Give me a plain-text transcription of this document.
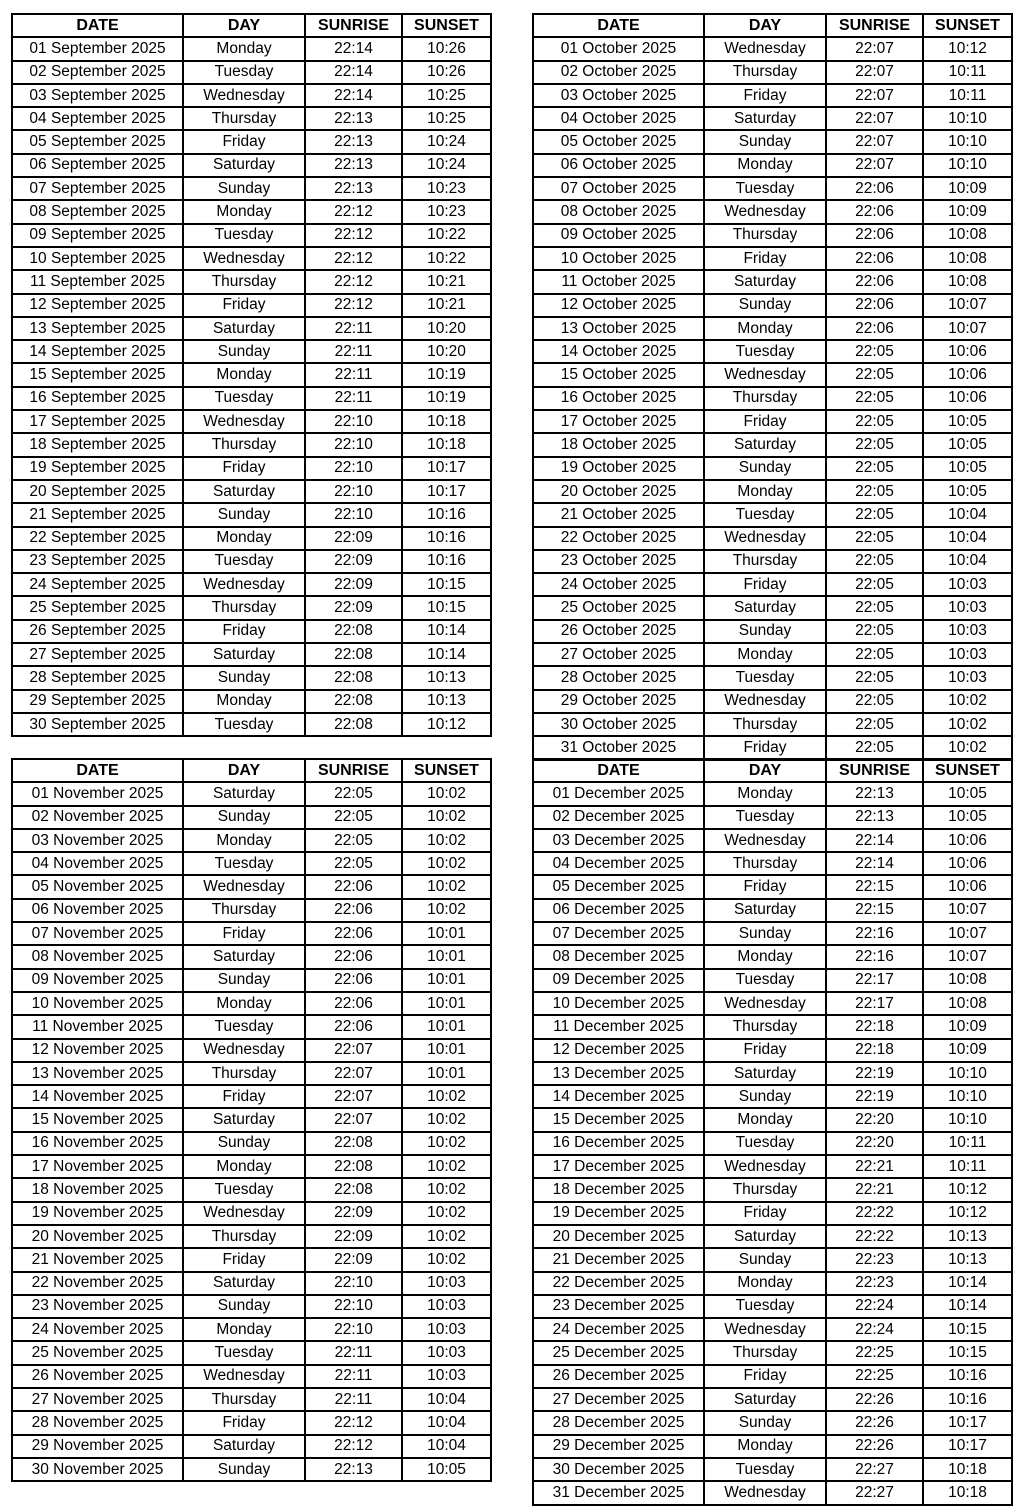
DATE	DAY	SUNRISE	SUNSET
01 September 2025	Monday	22:14	10:26
02 September 2025	Tuesday	22:14	10:26
03 September 2025	Wednesday	22:14	10:25
04 September 2025	Thursday	22:13	10:25
05 September 2025	Friday	22:13	10:24
06 September 2025	Saturday	22:13	10:24
07 September 2025	Sunday	22:13	10:23
08 September 2025	Monday	22:12	10:23
09 September 2025	Tuesday	22:12	10:22
10 September 2025	Wednesday	22:12	10:22
11 September 2025	Thursday	22:12	10:21
12 September 2025	Friday	22:12	10:21
13 September 2025	Saturday	22:11	10:20
14 September 2025	Sunday	22:11	10:20
15 September 2025	Monday	22:11	10:19
16 September 2025	Tuesday	22:11	10:19
17 September 2025	Wednesday	22:10	10:18
18 September 2025	Thursday	22:10	10:18
19 September 2025	Friday	22:10	10:17
20 September 2025	Saturday	22:10	10:17
21 September 2025	Sunday	22:10	10:16
22 September 2025	Monday	22:09	10:16
23 September 2025	Tuesday	22:09	10:16
24 September 2025	Wednesday	22:09	10:15
25 September 2025	Thursday	22:09	10:15
26 September 2025	Friday	22:08	10:14
27 September 2025	Saturday	22:08	10:14
28 September 2025	Sunday	22:08	10:13
29 September 2025	Monday	22:08	10:13
30 September 2025	Tuesday	22:08	10:12
DATE	DAY	SUNRISE	SUNSET
01 October 2025	Wednesday	22:07	10:12
02 October 2025	Thursday	22:07	10:11
03 October 2025	Friday	22:07	10:11
04 October 2025	Saturday	22:07	10:10
05 October 2025	Sunday	22:07	10:10
06 October 2025	Monday	22:07	10:10
07 October 2025	Tuesday	22:06	10:09
08 October 2025	Wednesday	22:06	10:09
09 October 2025	Thursday	22:06	10:08
10 October 2025	Friday	22:06	10:08
11 October 2025	Saturday	22:06	10:08
12 October 2025	Sunday	22:06	10:07
13 October 2025	Monday	22:06	10:07
14 October 2025	Tuesday	22:05	10:06
15 October 2025	Wednesday	22:05	10:06
16 October 2025	Thursday	22:05	10:06
17 October 2025	Friday	22:05	10:05
18 October 2025	Saturday	22:05	10:05
19 October 2025	Sunday	22:05	10:05
20 October 2025	Monday	22:05	10:05
21 October 2025	Tuesday	22:05	10:04
22 October 2025	Wednesday	22:05	10:04
23 October 2025	Thursday	22:05	10:04
24 October 2025	Friday	22:05	10:03
25 October 2025	Saturday	22:05	10:03
26 October 2025	Sunday	22:05	10:03
27 October 2025	Monday	22:05	10:03
28 October 2025	Tuesday	22:05	10:03
29 October 2025	Wednesday	22:05	10:02
30 October 2025	Thursday	22:05	10:02
31 October 2025	Friday	22:05	10:02
DATE	DAY	SUNRISE	SUNSET
01 November 2025	Saturday	22:05	10:02
02 November 2025	Sunday	22:05	10:02
03 November 2025	Monday	22:05	10:02
04 November 2025	Tuesday	22:05	10:02
05 November 2025	Wednesday	22:06	10:02
06 November 2025	Thursday	22:06	10:02
07 November 2025	Friday	22:06	10:01
08 November 2025	Saturday	22:06	10:01
09 November 2025	Sunday	22:06	10:01
10 November 2025	Monday	22:06	10:01
11 November 2025	Tuesday	22:06	10:01
12 November 2025	Wednesday	22:07	10:01
13 November 2025	Thursday	22:07	10:01
14 November 2025	Friday	22:07	10:02
15 November 2025	Saturday	22:07	10:02
16 November 2025	Sunday	22:08	10:02
17 November 2025	Monday	22:08	10:02
18 November 2025	Tuesday	22:08	10:02
19 November 2025	Wednesday	22:09	10:02
20 November 2025	Thursday	22:09	10:02
21 November 2025	Friday	22:09	10:02
22 November 2025	Saturday	22:10	10:03
23 November 2025	Sunday	22:10	10:03
24 November 2025	Monday	22:10	10:03
25 November 2025	Tuesday	22:11	10:03
26 November 2025	Wednesday	22:11	10:03
27 November 2025	Thursday	22:11	10:04
28 November 2025	Friday	22:12	10:04
29 November 2025	Saturday	22:12	10:04
30 November 2025	Sunday	22:13	10:05
DATE	DAY	SUNRISE	SUNSET
01 December 2025	Monday	22:13	10:05
02 December 2025	Tuesday	22:13	10:05
03 December 2025	Wednesday	22:14	10:06
04 December 2025	Thursday	22:14	10:06
05 December 2025	Friday	22:15	10:06
06 December 2025	Saturday	22:15	10:07
07 December 2025	Sunday	22:16	10:07
08 December 2025	Monday	22:16	10:07
09 December 2025	Tuesday	22:17	10:08
10 December 2025	Wednesday	22:17	10:08
11 December 2025	Thursday	22:18	10:09
12 December 2025	Friday	22:18	10:09
13 December 2025	Saturday	22:19	10:10
14 December 2025	Sunday	22:19	10:10
15 December 2025	Monday	22:20	10:10
16 December 2025	Tuesday	22:20	10:11
17 December 2025	Wednesday	22:21	10:11
18 December 2025	Thursday	22:21	10:12
19 December 2025	Friday	22:22	10:12
20 December 2025	Saturday	22:22	10:13
21 December 2025	Sunday	22:23	10:13
22 December 2025	Monday	22:23	10:14
23 December 2025	Tuesday	22:24	10:14
24 December 2025	Wednesday	22:24	10:15
25 December 2025	Thursday	22:25	10:15
26 December 2025	Friday	22:25	10:16
27 December 2025	Saturday	22:26	10:16
28 December 2025	Sunday	22:26	10:17
29 December 2025	Monday	22:26	10:17
30 December 2025	Tuesday	22:27	10:18
31 December 2025	Wednesday	22:27	10:18
